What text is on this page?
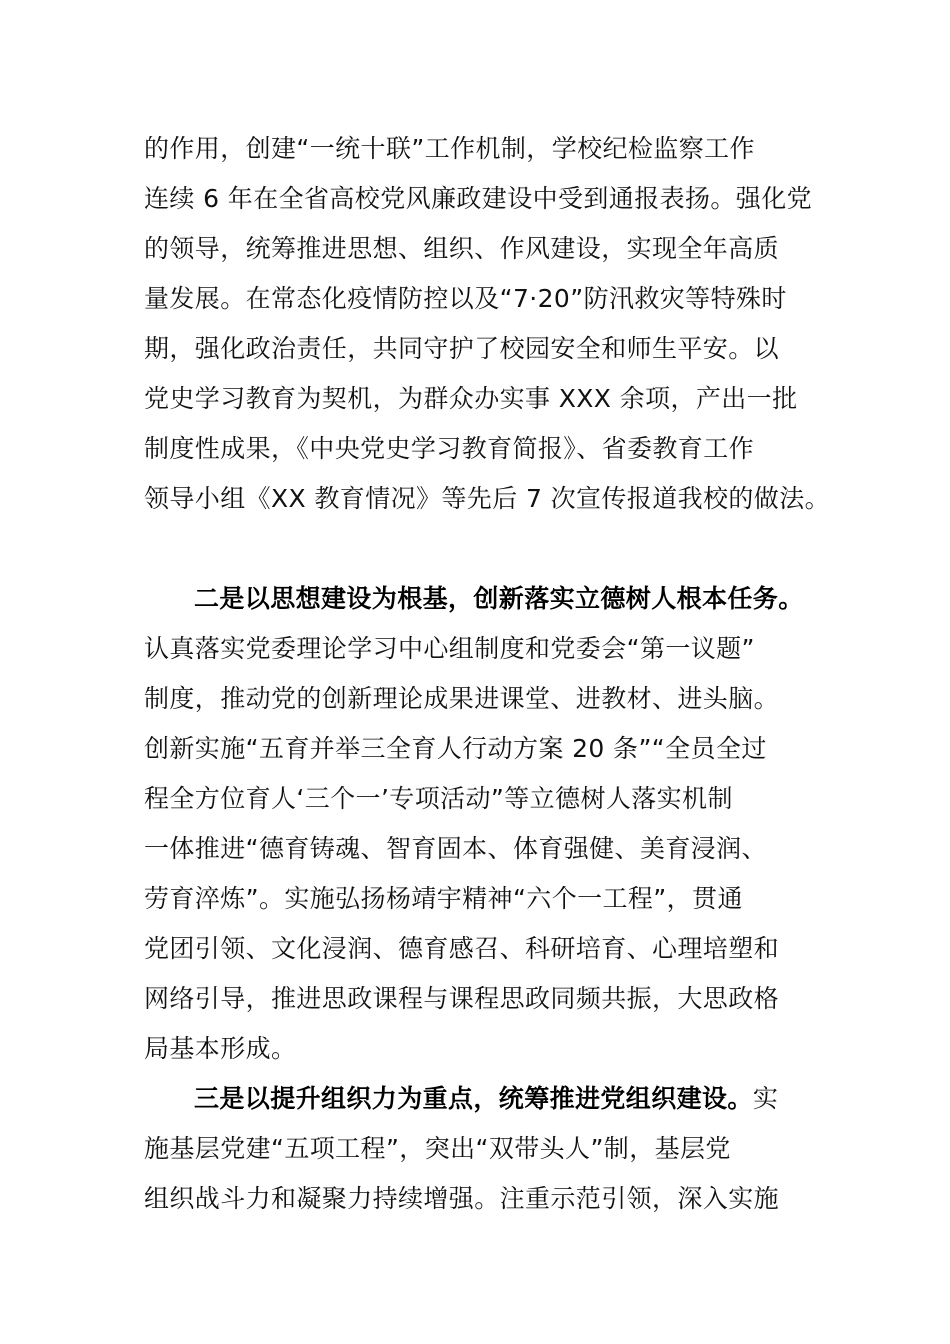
的作用，创建“一统十联”工作机制，学校纪检监察工作
连续 6 年在全省高校党风廉政建设中受到通报表扬。强化党
的领导，统筹推进思想、组织、作风建设，实现全年高质
量发展。在常态化疫情防控以及“7·20”防汛救灾等特殊时
期，强化政治责任，共同守护了校园安全和师生平安。以
党史学习教育为契机，为群众办实事 XXX 余项，产出一批
制度性成果，《中央党史学习教育简报》、省委教育工作
领导小组《XX 教育情况》等先后 7 次宣传报道我校的做法。
二是以思想建设为根基，创新落实立德树人根本任务。
认真落实党委理论学习中心组制度和党委会“第一议题”
制度，推动党的创新理论成果进课堂、进教材、进头脑。
创新实施“五育并举三全育人行动方案 20 条”“全员全过
程全方位育人‘三个一’专项活动”等立德树人落实机制
一体推进“德育铸魂、智育固本、体育强健、美育浸润、
劳育淬炼”。实施弘扬杨靖宇精神“六个一工程”，贯通
党团引领、文化浸润、德育感召、科研培育、心理培塑和
网络引导，推进思政课程与课程思政同频共振，大思政格
局基本形成。
三是以提升组织力为重点，统筹推进党组织建设。实
施基层党建“五项工程”，突出“双带头人”制，基层党
组织战斗力和凝聚力持续增强。注重示范引领，深入实施
